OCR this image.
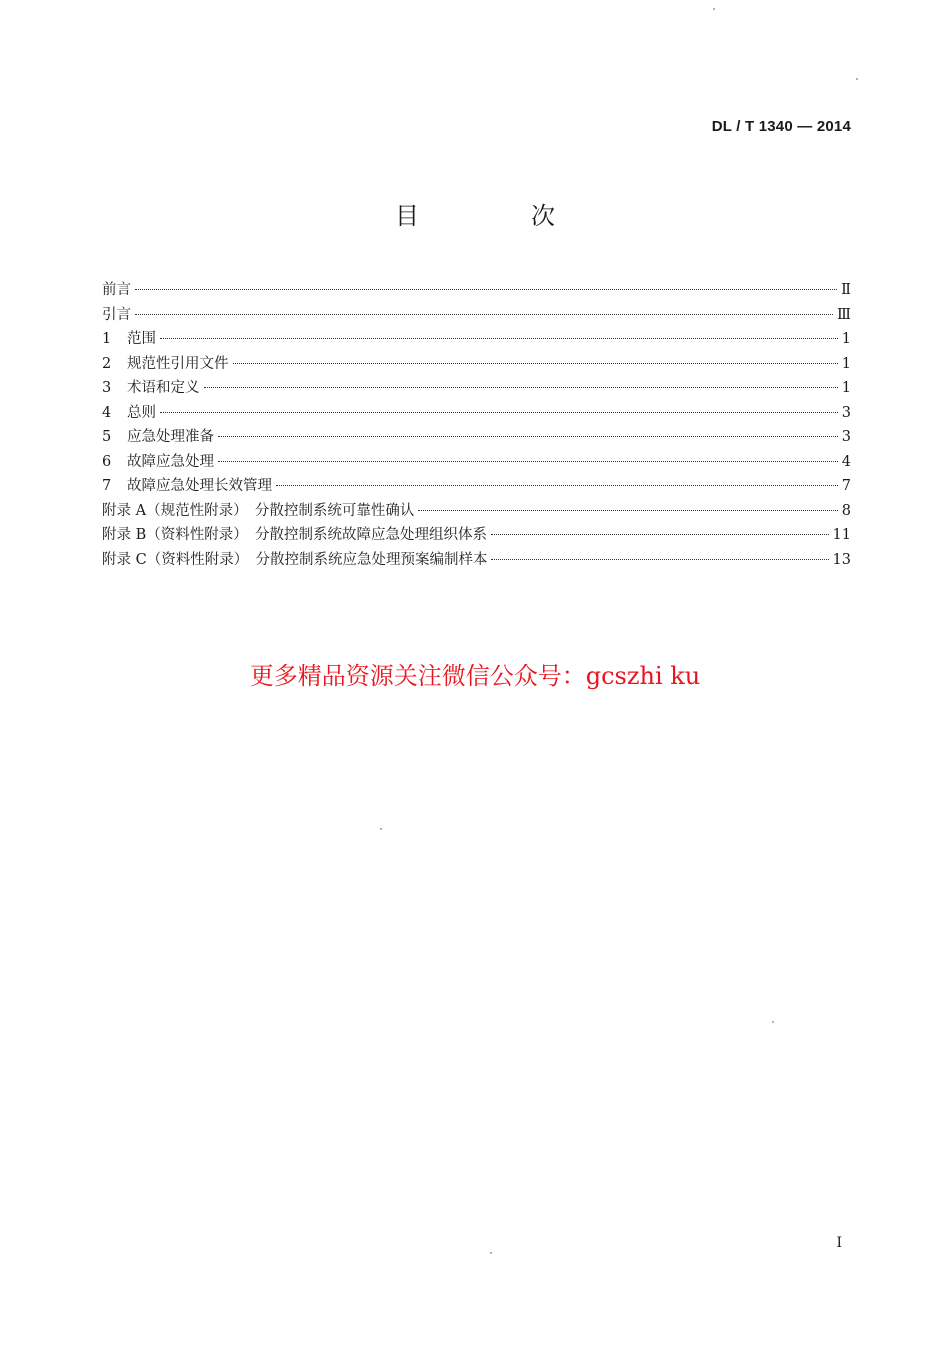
DL / T 1340 — 2014
目　次
前言	Ⅱ
引言	Ⅲ
1	范围	1
2	规范性引用文件	1
3	术语和定义	1
4	总则	3
5	应急处理准备	3
6	故障应急处理	4
7	故障应急处理长效管理	7
附录 A（规范性附录）　分散控制系统可靠性确认	8
附录 B（资料性附录）　分散控制系统故障应急处理组织体系	11
附录 C（资料性附录）　分散控制系统应急处理预案编制样本	13
更多精品资源关注微信公众号：gcszhi ku
I
